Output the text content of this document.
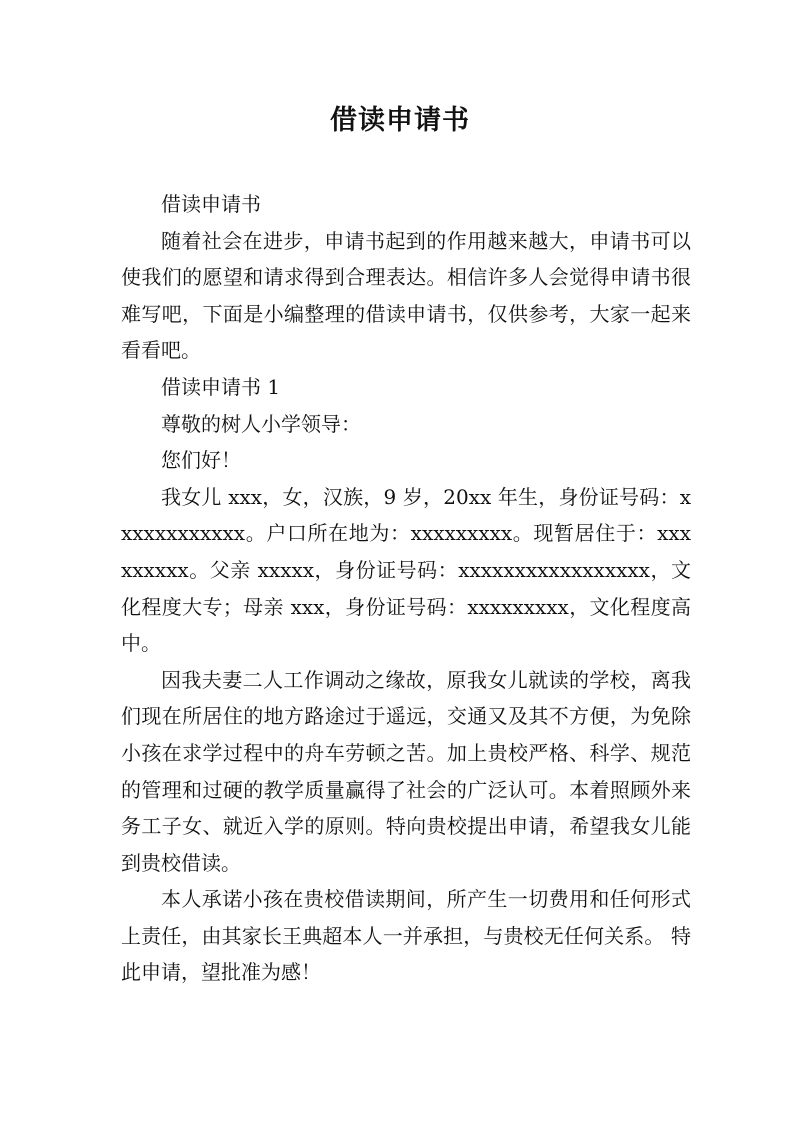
借读申请书

借读申请书

随着社会在进步，申请书起到的作用越来越大，申请书可以使我们的愿望和请求得到合理表达。相信许多人会觉得申请书很难写吧，下面是小编整理的借读申请书，仅供参考，大家一起来看看吧。

借读申请书 1

尊敬的树人小学领导：

您们好！

我女儿 xxx，女，汉族，9 岁，20xx 年生，身份证号码：xxxxxxxxxxxx。户口所在地为：xxxxxxxxx。现暂居住于：xxxxxxxxx。父亲 xxxxx，身份证号码：xxxxxxxxxxxxxxxxx，文化程度大专；母亲 xxx，身份证号码：xxxxxxxxx，文化程度高中。

因我夫妻二人工作调动之缘故，原我女儿就读的学校，离我们现在所居住的地方路途过于遥远，交通又及其不方便，为免除小孩在求学过程中的舟车劳顿之苦。加上贵校严格、科学、规范的管理和过硬的教学质量赢得了社会的广泛认可。本着照顾外来务工子女、就近入学的原则。特向贵校提出申请，希望我女儿能到贵校借读。

本人承诺小孩在贵校借读期间，所产生一切费用和任何形式上责任，由其家长王典超本人一并承担，与贵校无任何关系。 特此申请，望批准为感！
